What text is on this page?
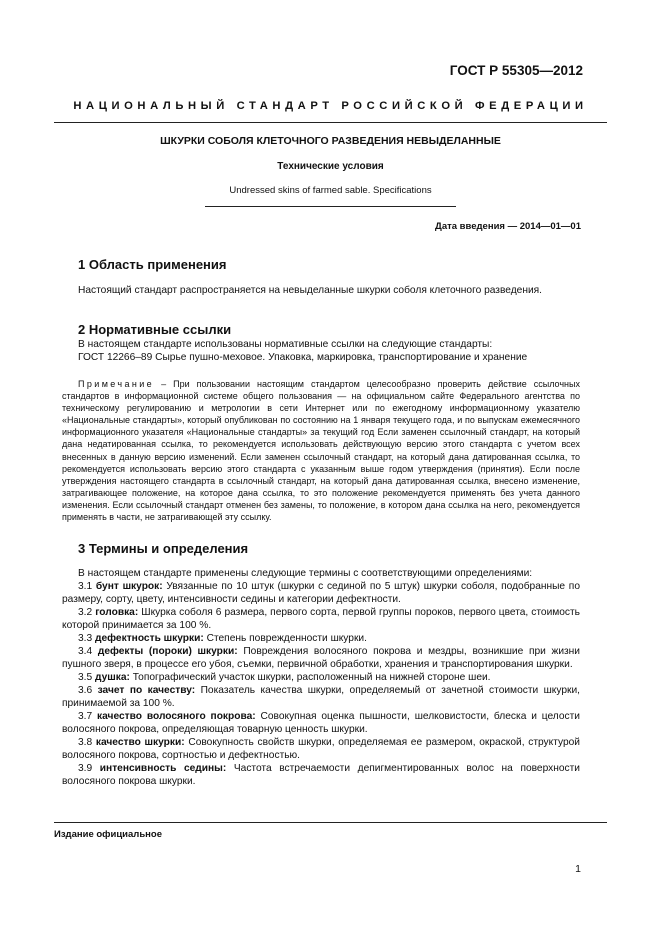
ГОСТ Р 55305—2012
НАЦИОНАЛЬНЫЙ СТАНДАРТ РОССИЙСКОЙ ФЕДЕРАЦИИ
ШКУРКИ СОБОЛЯ КЛЕТОЧНОГО РАЗВЕДЕНИЯ НЕВЫДЕЛАННЫЕ
Технические условия
Undressed skins of farmed sable. Specifications
Дата введения — 2014—01—01
1 Область применения
Настоящий стандарт распространяется на невыделанные шкурки соболя клеточного разведения.
2 Нормативные ссылки
В настоящем стандарте использованы нормативные ссылки на следующие стандарты:
ГОСТ 12266–89 Сырье пушно-меховое. Упаковка, маркировка, транспортирование и хранение
Примечание – При пользовании настоящим стандартом целесообразно проверить действие ссылочных стандартов в информационной системе общего пользования — на официальном сайте Федерального агентства по техническому регулированию и метрологии в сети Интернет или по ежегодному информационному указателю «Национальные стандарты», который опубликован по состоянию на 1 января текущего года, и по выпускам ежемесячного информационного указателя «Национальные стандарты» за текущий год Если заменен ссылочный стандарт, на который дана недатированная ссылка, то рекомендуется использовать действующую версию этого стандарта с учетом всех внесенных в данную версию изменений. Если заменен ссылочный стандарт, на который дана датированная ссылка, то рекомендуется использовать версию этого стандарта с указанным выше годом утверждения (принятия). Если после утверждения настоящего стандарта в ссылочный стандарт, на который дана датированная ссылка, внесено изменение, затрагивающее положение, на которое дана ссылка, то это положение рекомендуется применять без учета данного изменения. Если ссылочный стандарт отменен без замены, то положение, в котором дана ссылка на него, рекомендуется применять в части, не затрагивающей эту ссылку.
3 Термины и определения

В настоящем стандарте применены следующие термины с соответствующими определениями:

3.1 бунт шкурок: Увязанные по 10 штук (шкурки с сединой по 5 штук) шкурки соболя, подобранные по размеру, сорту, цвету, интенсивности седины и категории дефектности.

3.2 головка: Шкурка соболя 6 размера, первого сорта, первой группы пороков, первого цвета, стоимость которой принимается за 100 %.

3.3 дефектность шкурки: Степень поврежденности шкурки.

3.4 дефекты (пороки) шкурки: Повреждения волосяного покрова и мездры, возникшие при жизни пушного зверя, в процессе его убоя, съемки, первичной обработки, хранения и транспортирования шкурки.

3.5 душка: Топографический участок шкурки, расположенный на нижней стороне шеи.

3.6 зачет по качеству: Показатель качества шкурки, определяемый от зачетной стоимости шкурки, принимаемой за 100 %.

3.7 качество волосяного покрова: Совокупная оценка пышности, шелковистости, блеска и целости волосяного покрова, определяющая товарную ценность шкурки.

3.8 качество шкурки: Совокупность свойств шкурки, определяемая ее размером, окраской, структурой волосяного покрова, сортностью и дефектностью.

3.9 интенсивность седины: Частота встречаемости депигментированных волос на поверхности волосяного покрова шкурки.

Издание официальное
1
